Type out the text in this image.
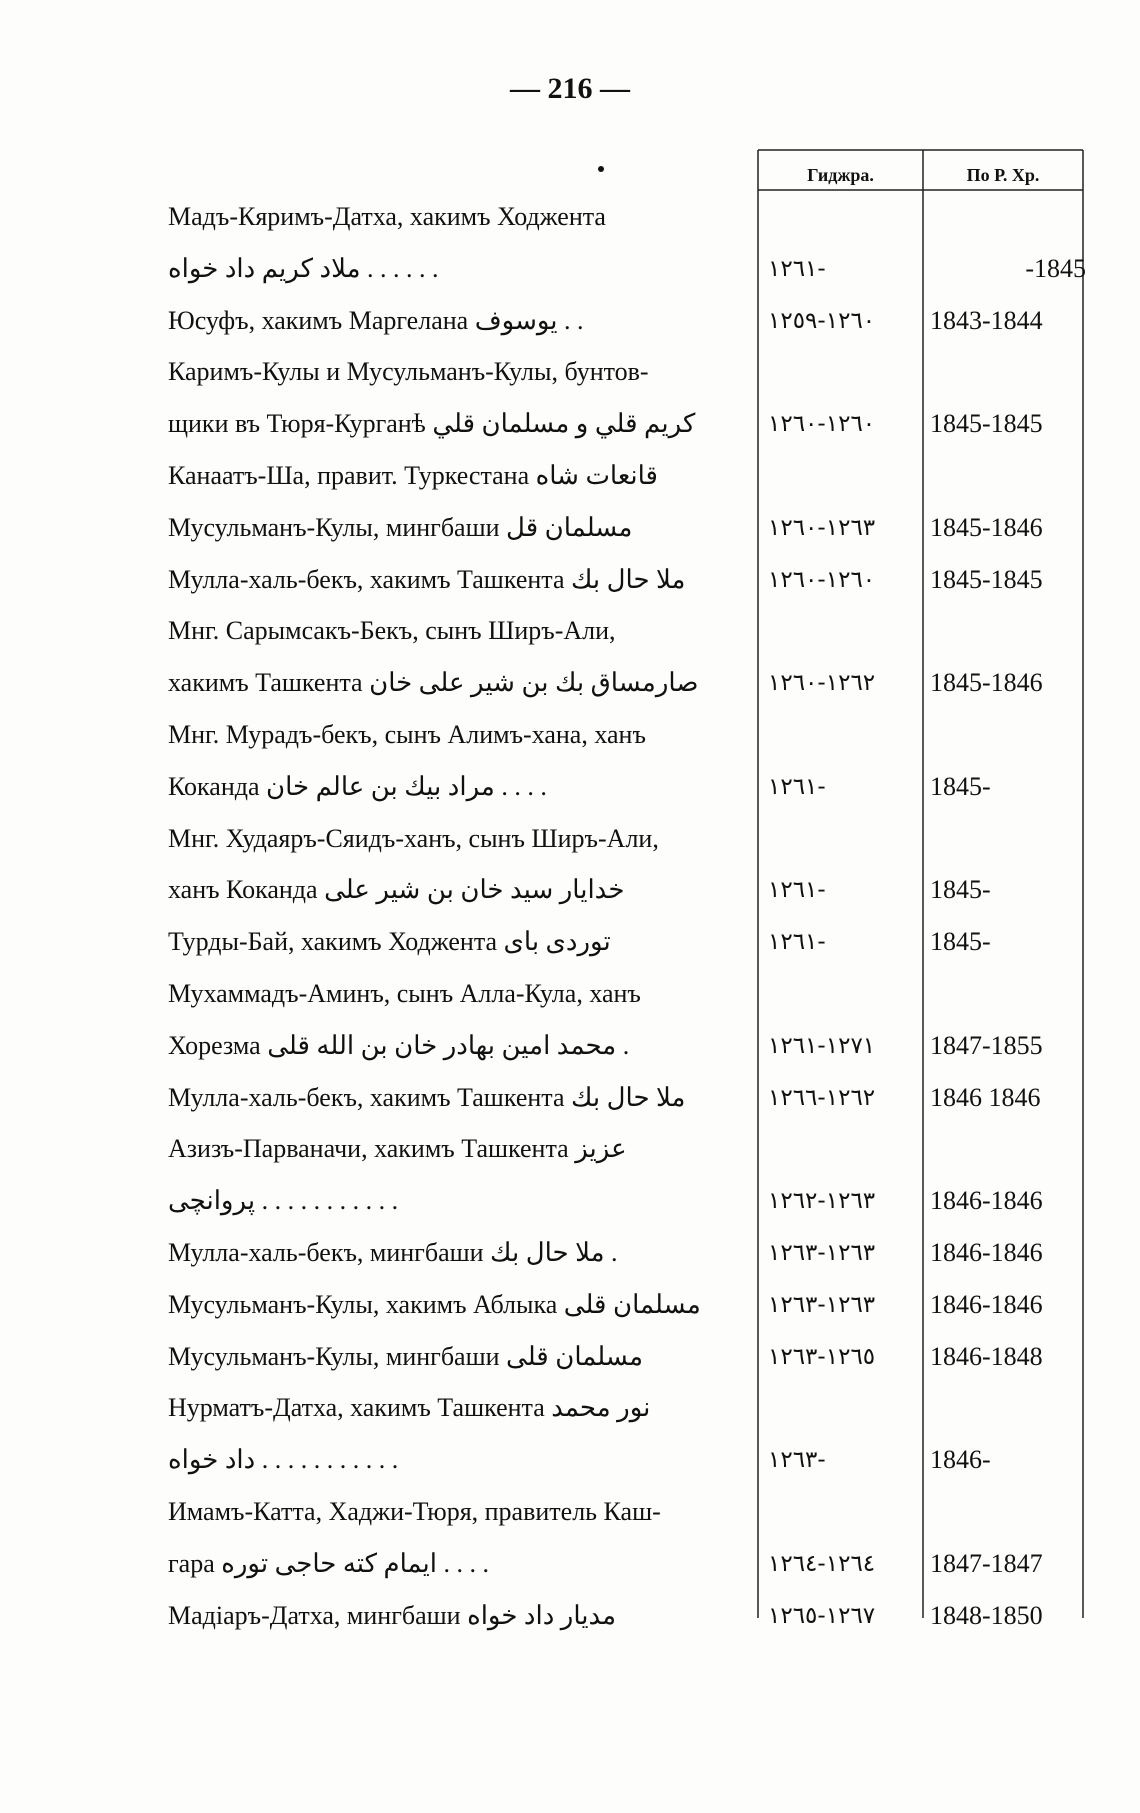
— 216 —
Гиджра.	По Р. Хр.
Мадъ-Кяримъ-Датха, хакимъ Ходжента
ملاد كريم داد خواه . . . . . .	١٢٦١-	-1845
Юсуфъ, хакимъ Маргелана يوسوف . .	١٢٦٠-١٢٥٩	1843-1844
Каримъ-Кулы и Мусульманъ-Кулы, бунтов-
щики въ Тюря-Курганѣ كريم قلي و مسلمان قلي	١٢٦٠-١٢٦٠	1845-1845
Канаатъ-Ша, правит. Туркестана قانعات شاه
Мусульманъ-Кулы, мингбаши مسلمان قل	١٢٦٣-١٢٦٠	1845-1846
Мулла-халь-бекъ, хакимъ Ташкента ملا حال بك	١٢٦٠-١٢٦٠	1845-1845
Мнг. Сарымсакъ-Бекъ, сынъ Ширъ-Али,
хакимъ Ташкента صارمساق بك بن شير على خان	١٢٦٢-١٢٦٠	1845-1846
Мнг. Мурадъ-бекъ, сынъ Алимъ-хана, ханъ
Коканда مراد بيك بن عالم خان . . . .	١٢٦١-	1845-
Мнг. Худаяръ-Сяидъ-ханъ, сынъ Ширъ-Али,
ханъ Коканда خدايار سيد خان بن شير على	١٢٦١-	1845-
Турды-Бай, хакимъ Ходжента توردى باى	١٢٦١-	1845-
Мухаммадъ-Аминъ, сынъ Алла-Кула, ханъ
Хорезма محمد امين بهادر خان بن الله قلى .	١٢٧١-١٢٦١	1847-1855
Мулла-халь-бекъ, хакимъ Ташкента ملا حال بك	١٢٦٢-١٢٦٦	1846 1846
Азизъ-Парваначи, хакимъ Ташкента عزيز
پروانچى . . . . . . . . . . .	١٢٦٣-١٢٦٢	1846-1846
Мулла-халь-бекъ, мингбаши ملا حال بك .	١٢٦٣-١٢٦٣	1846-1846
Мусульманъ-Кулы, хакимъ Аблыка مسلمان قلى	١٢٦٣-١٢٦٣	1846-1846
Мусульманъ-Кулы, мингбаши مسلمان قلى	١٢٦٥-١٢٦٣	1846-1848
Нурматъ-Датха, хакимъ Ташкента نور محمد
داد خواه . . . . . . . . . . .	١٢٦٣-	1846-
Имамъ-Катта, Хаджи-Тюря, правитель Каш-
гара ايمام كته حاجى توره . . . .	١٢٦٤-١٢٦٤	1847-1847
Мадіаръ-Датха, мингбаши مديار داد خواه	١٢٦٧-١٢٦٥	1848-1850
